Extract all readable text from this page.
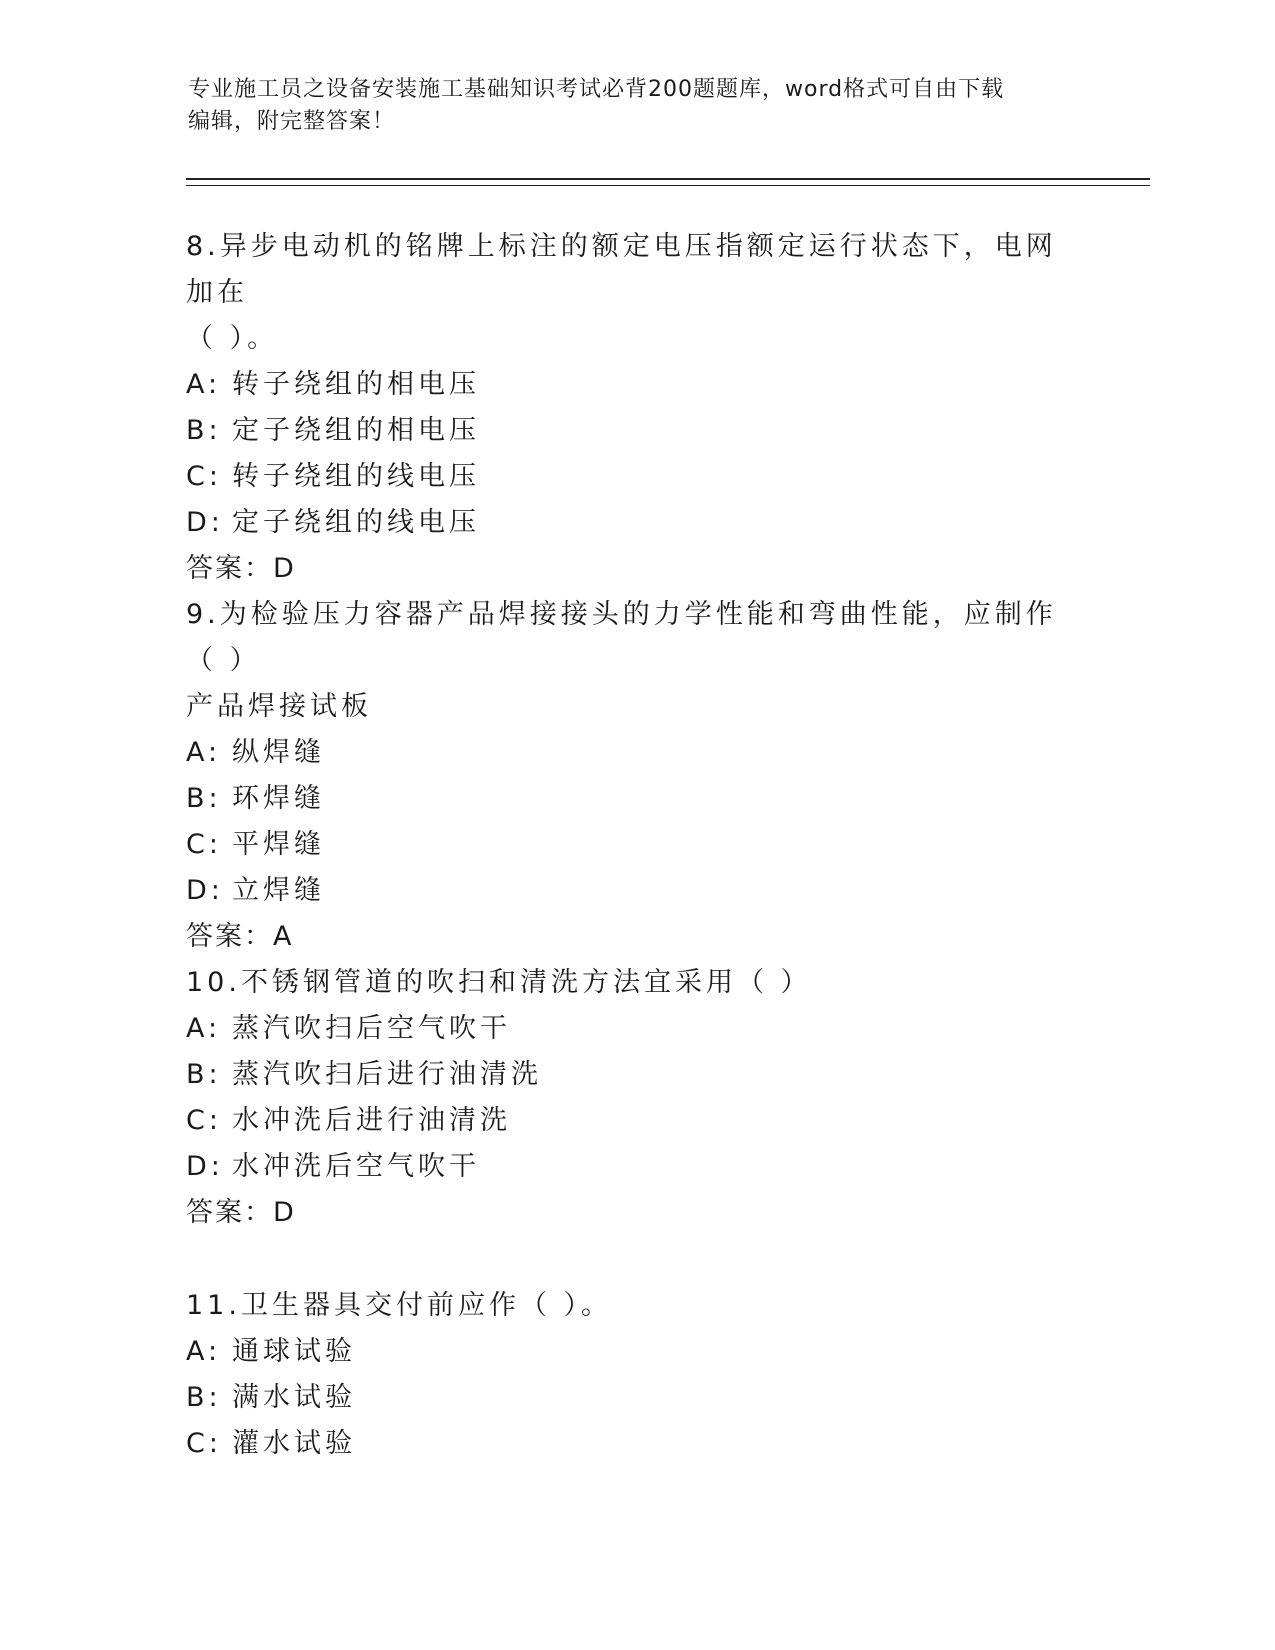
专业施工员之设备安装施工基础知识考试必背200题题库，word格式可自由下载
编辑，附完整答案！

8.异步电动机的铭牌上标注的额定电压指额定运行状态下，电网加在
（ ）。

A: 转子绕组的相电压

B: 定子绕组的相电压

C: 转子绕组的线电压

D: 定子绕组的线电压

答案：D

9.为检验压力容器产品焊接接头的力学性能和弯曲性能，应制作（ ）
产品焊接试板

A: 纵焊缝

B: 环焊缝

C: 平焊缝

D: 立焊缝

答案：A

10.不锈钢管道的吹扫和清洗方法宜采用（ ）

A: 蒸汽吹扫后空气吹干

B: 蒸汽吹扫后进行油清洗

C: 水冲洗后进行油清洗

D: 水冲洗后空气吹干

答案：D

11.卫生器具交付前应作（ ）。

A: 通球试验

B: 满水试验

C: 灌水试验
